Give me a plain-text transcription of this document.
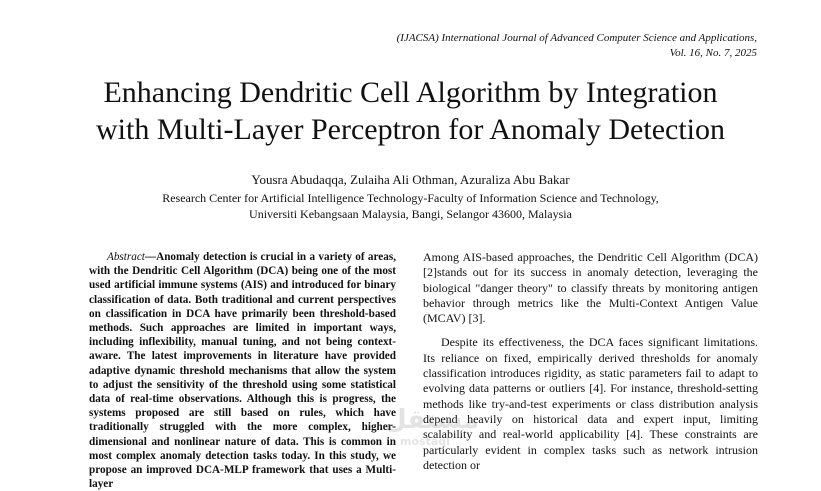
(IJACSA) International Journal of Advanced Computer Science and Applications,
Vol. 16, No. 7, 2025
Enhancing Dendritic Cell Algorithm by Integration
with Multi-Layer Perceptron for Anomaly Detection
Yousra Abudaqqa, Zulaiha Ali Othman, Azuraliza Abu Bakar
Research Center for Artificial Intelligence Technology-Faculty of Information Science and Technology,
Universiti Kebangsaan Malaysia, Bangi, Selangor 43600, Malaysia

Abstract—Anomaly detection is crucial in a variety of areas, with the Dendritic Cell Algorithm (DCA) being one of the most used artificial immune systems (AIS) and introduced for binary classification of data. Both traditional and current perspectives on classification in DCA have primarily been threshold-based methods. Such approaches are limited in important ways, including inflexibility, manual tuning, and not being context-aware. The latest improvements in literature have provided adaptive dynamic threshold mechanisms that allow the system to adjust the sensitivity of the threshold using some statistical data of real-time observations. Although this is progress, the systems proposed are still based on rules, which have traditionally struggled with the more complex, higher-dimensional and nonlinear nature of data. This is common in most complex anomaly detection tasks today. In this study, we propose an improved DCA-MLP framework that uses a Multi-layer

Among AIS-based approaches, the Dendritic Cell Algorithm (DCA)[2]stands out for its success in anomaly detection, leveraging the biological "danger theory" to classify threats by monitoring antigen behavior through metrics like the Multi-Context Antigen Value (MCAV) [3].

Despite its effectiveness, the DCA faces significant limitations. Its reliance on fixed, empirically derived thresholds for anomaly classification introduces rigidity, as static parameters fail to adapt to evolving data patterns or outliers [4]. For instance, threshold-setting methods like try-and-test experiments or class distribution analysis depend heavily on historical data and expert input, limiting scalability and real-world applicability [4]. These constraints are particularly evident in complex tasks such as network intrusion detection or

مستقل
mostaql
